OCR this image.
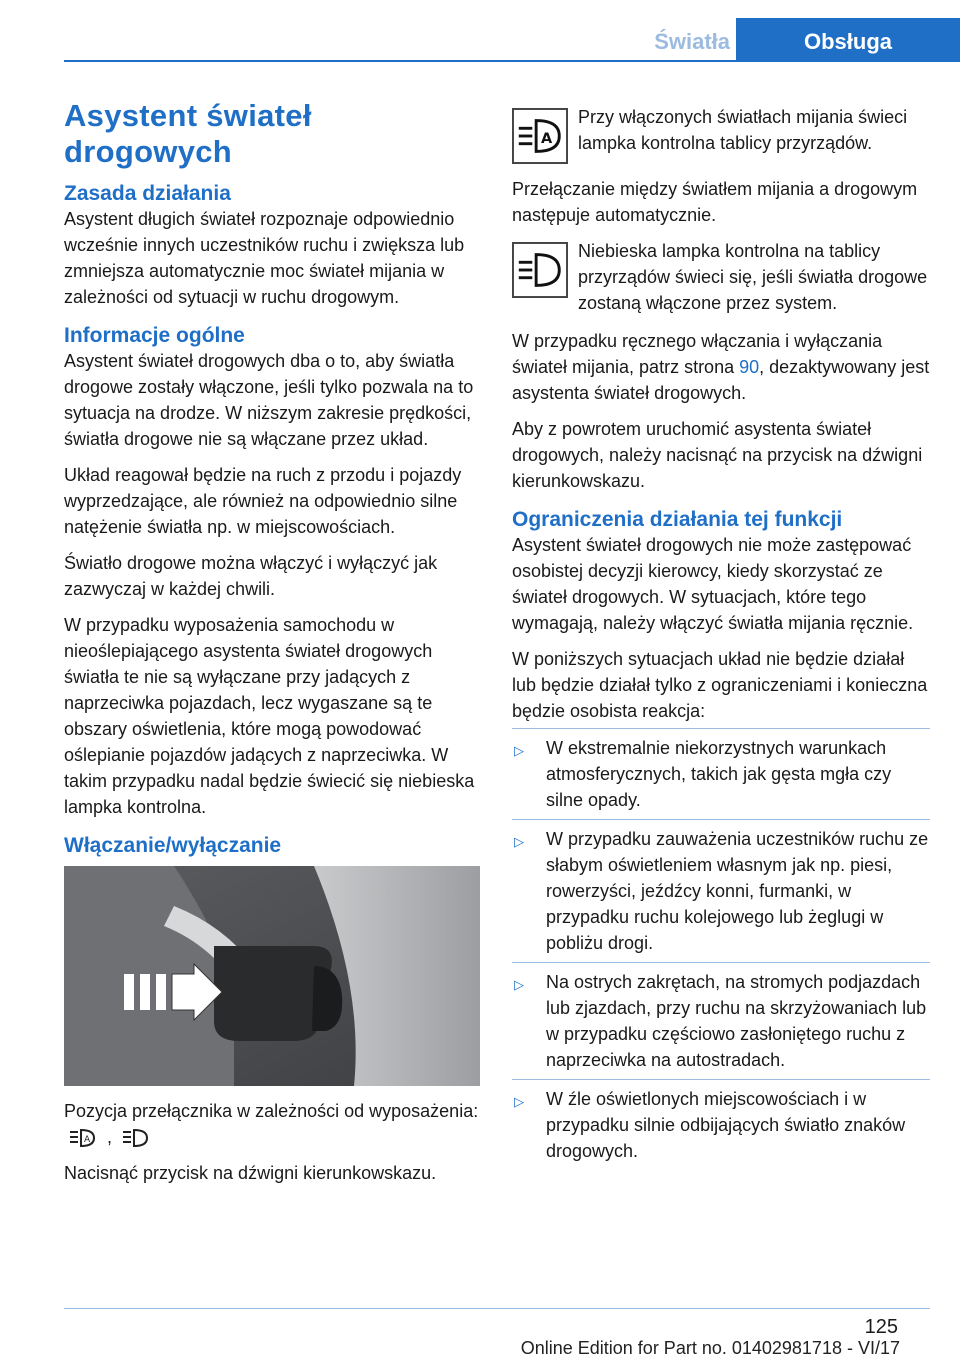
Światła	Obsługa
Asystent świateł drogowych
Zasada działania

Asystent długich świateł rozpoznaje odpowiednio wcześnie innych uczestników ruchu i zwiększa lub zmniejsza automatycznie moc świateł mijania w zależności od sytuacji w ruchu drogowym.

Informacje ogólne

Asystent świateł drogowych dba o to, aby światła drogowe zostały włączone, jeśli tylko pozwala na to sytuacja na drodze. W niższym zakresie prędkości, światła drogowe nie są włączane przez układ.

Układ reagował będzie na ruch z przodu i pojazdy wyprzedzające, ale również na odpowiednio silne natężenie światła np. w miejscowościach.

Światło drogowe można włączyć i wyłączyć jak zazwyczaj w każdej chwili.

W przypadku wyposażenia samochodu w nieoślepiającego asystenta świateł drogowych światła te nie są wyłączane przy jadących z naprzeciwka pojazdach, lecz wygaszane są te obszary oświetlenia, które mogą powodować oślepianie pojazdów jadących z naprzeciwka. W takim przypadku nadal będzie świecić się niebieska lampka kontrolna.

Włączanie/wyłączanie

Pozycja przełącznika w zależności od wyposażenia:
A ,

Nacisnąć przycisk na dźwigni kierunkowskazu.

A

Przy włączonych światłach mijania świeci lampka kontrolna tablicy przyrządów.

Przełączanie między światłem mijania a drogowym następuje automatycznie.

Niebieska lampka kontrolna na tablicy przyrządów świeci się, jeśli światła drogowe zostaną włączone przez system.

W przypadku ręcznego włączania i wyłączania świateł mijania, patrz strona 90, dezaktywowany jest asystenta świateł drogowych.

Aby z powrotem uruchomić asystenta świateł drogowych, należy nacisnąć na przycisk na dźwigni kierunkowskazu.

Ograniczenia działania tej funkcji

Asystent świateł drogowych nie może zastępować osobistej decyzji kierowcy, kiedy skorzystać ze świateł drogowych. W sytuacjach, które tego wymagają, należy włączyć światła mijania ręcznie.

W poniższych sytuacjach układ nie będzie działał lub będzie działał tylko z ograniczeniami i konieczna będzie osobista reakcja:

▷ W ekstremalnie niekorzystnych warunkach atmosferycznych, takich jak gęsta mgła czy silne opady.

▷ W przypadku zauważenia uczestników ruchu ze słabym oświetleniem własnym jak np. piesi, rowerzyści, jeźdźcy konni, furmanki, w przypadku ruchu kolejowego lub żeglugi w pobliżu drogi.

▷ Na ostrych zakrętach, na stromych podjazdach lub zjazdach, przy ruchu na skrzyżowaniach lub w przypadku częściowo zasłoniętego ruchu z naprzeciwka na autostradach.

▷ W źle oświetlonych miejscowościach i w przypadku silnie odbijających światło znaków drogowych.

125
Online Edition for Part no. 01402981718 - VI/17
